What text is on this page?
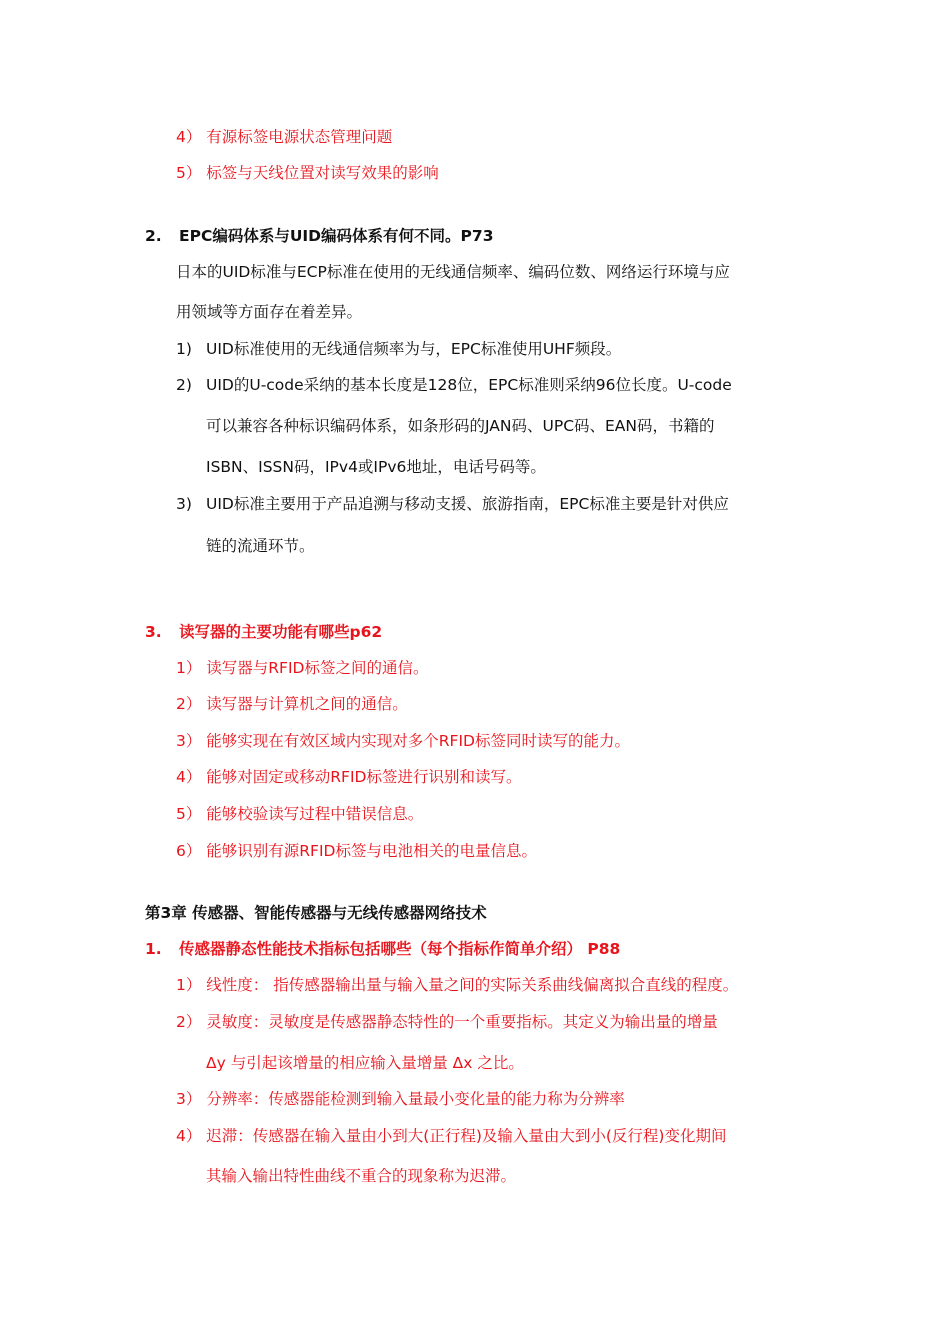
4） 有源标签电源状态管理问题
5） 标签与天线位置对读写效果的影响
2. EPC编码体系与UID编码体系有何不同。P73
日本的UID标准与ECP标准在使用的无线通信频率、编码位数、网络运行环境与应
用领域等方面存在着差异。
1) UID标准使用的无线通信频率为与，EPC标准使用UHF频段。
2) UID的U-code采纳的基本长度是128位，EPC标准则采纳96位长度。U-code
可以兼容各种标识编码体系，如条形码的JAN码、UPC码、EAN码，书籍的
ISBN、ISSN码，IPv4或IPv6地址，电话号码等。
3) UID标准主要用于产品追溯与移动支援、旅游指南，EPC标准主要是针对供应
链的流通环节。
3. 读写器的主要功能有哪些p62
1） 读写器与RFID标签之间的通信。
2） 读写器与计算机之间的通信。
3） 能够实现在有效区域内实现对多个RFID标签同时读写的能力。
4） 能够对固定或移动RFID标签进行识别和读写。
5） 能够校验读写过程中错误信息。
6） 能够识别有源RFID标签与电池相关的电量信息。
第3章 传感器、智能传感器与无线传感器网络技术
1. 传感器静态性能技术指标包括哪些（每个指标作简单介绍） P88
1） 线性度： 指传感器输出量与输入量之间的实际关系曲线偏离拟合直线的程度。
2） 灵敏度：灵敏度是传感器静态特性的一个重要指标。其定义为输出量的增量
Δy 与引起该增量的相应输入量增量 Δx 之比。
3） 分辨率：传感器能检测到输入量最小变化量的能力称为分辨率
4） 迟滞：传感器在输入量由小到大(正行程)及输入量由大到小(反行程)变化期间
其输入输出特性曲线不重合的现象称为迟滞。
